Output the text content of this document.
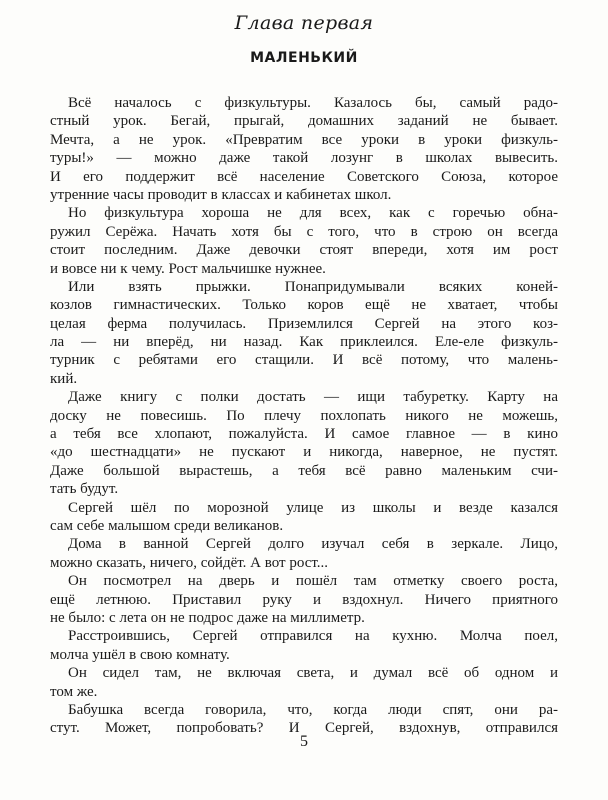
Глава первая
МАЛЕНЬКИЙ
Всё началось с физкультуры. Казалось бы, самый радо-
стный урок. Бегай, прыгай, домашних заданий не бывает.
Мечта, а не урок. «Превратим все уроки в уроки физкуль-
туры!» — можно даже такой лозунг в школах вывесить.
И его поддержит всё население Советского Союза, которое
утренние часы проводит в классах и кабинетах школ.
Но физкультура хороша не для всех, как с горечью обна-
ружил Серёжа. Начать хотя бы с того, что в строю он всегда
стоит последним. Даже девочки стоят впереди, хотя им рост
и вовсе ни к чему. Рост мальчишке нужнее.
Или взять прыжки. Понапридумывали всяких коней-
козлов гимнастических. Только коров ещё не хватает, чтобы
целая ферма получилась. Приземлился Сергей на этого коз-
ла — ни вперёд, ни назад. Как приклеился. Еле-еле физкуль-
турник с ребятами его стащили. И всё потому, что малень-
кий.
Даже книгу с полки достать — ищи табуретку. Карту на
доску не повесишь. По плечу похлопать никого не можешь,
а тебя все хлопают, пожалуйста. И самое главное — в кино
«до шестнадцати» не пускают и никогда, наверное, не пустят.
Даже большой вырастешь, а тебя всё равно маленьким счи-
тать будут.
Сергей шёл по морозной улице из школы и везде казался
сам себе малышом среди великанов.
Дома в ванной Сергей долго изучал себя в зеркале. Лицо,
можно сказать, ничего, сойдёт. А вот рост...
Он посмотрел на дверь и пошёл там отметку своего роста,
ещё летнюю. Приставил руку и вздохнул. Ничего приятного
не было: с лета он не подрос даже на миллиметр.
Расстроившись, Сергей отправился на кухню. Молча поел,
молча ушёл в свою комнату.
Он сидел там, не включая света, и думал всё об одном и
том же.
Бабушка всегда говорила, что, когда люди спят, они ра-
стут. Может, попробовать? И Сергей, вздохнув, отправился
5
